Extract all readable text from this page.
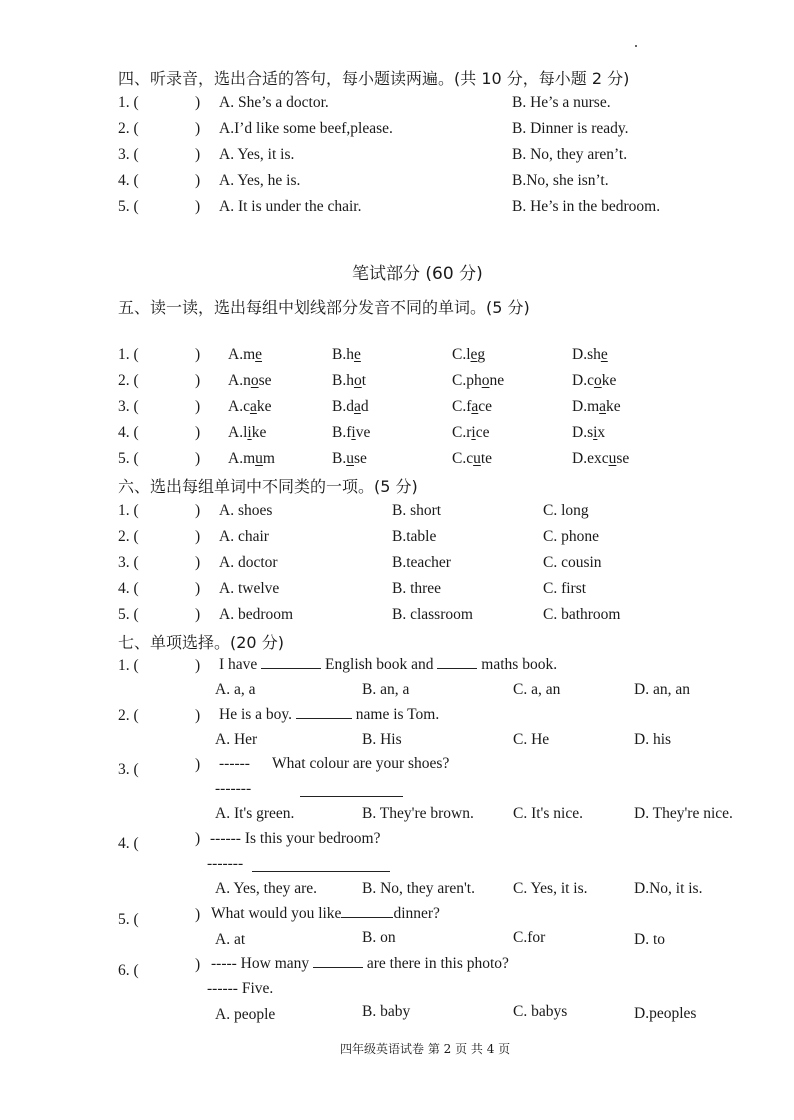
四、听录音，选出合适的答句，每小题读两遍。(共 10 分，每小题 2 分)
1. (	) A. She’s a doctor.	B. He’s a nurse.
2. (	) A.I’d like some beef,please.	B. Dinner is ready.
3. (	) A. Yes, it is.	B. No, they aren’t.
4. (	) A. Yes, he is.	B.No, she isn’t.
5. (	) A. It is under the chair.	B. He’s in the bedroom.
笔试部分 (60 分)
五、读一读，选出每组中划线部分发音不同的单词。(5 分)
1. (	) A.me	B.he	C.leg	D.she
2. (	) A.nose	B.hot	C.phone	D.coke
3. (	) A.cake	B.dad	C.face	D.make
4. (	) A.like	B.five	C.rice	D.six
5. (	) A.mum	B.use	C.cute	D.excuse
六、选出每组单词中不同类的一项。(5 分)
1. (	) A. shoes	B. short	C. long
2. (	) A. chair	B.table	C. phone
3. (	) A. doctor	B.teacher	C. cousin
4. (	) A. twelve	B. three	C. first
5. (	) A. bedroom	B. classroom	C. bathroom
七、单项选择。(20 分)
1. (	) I have	English book and	maths book.
A. a, a	B. an, a	C. a, an	D. an, an
2. (	) He is a boy.	name is Tom.
A. Her	B. His	C. He	D. his
3. (	) ------ What colour are your shoes?
-------
A. It's green.	B. They're brown.	C. It's nice.	D. They're nice.
4. (	) ------ Is this your bedroom?
-------
A. Yes, they are.	B. No, they aren't. C. Yes, it is.	D.No, it is.
5. (	) What would you like	dinner?
A. at	B. on	C.for	D. to
6. (	) ----- How many	are there in this photo?
------ Five.
A. people	B. baby	C. babys	D.peoples
四年级英语试卷 第 2 页 共 4 页
